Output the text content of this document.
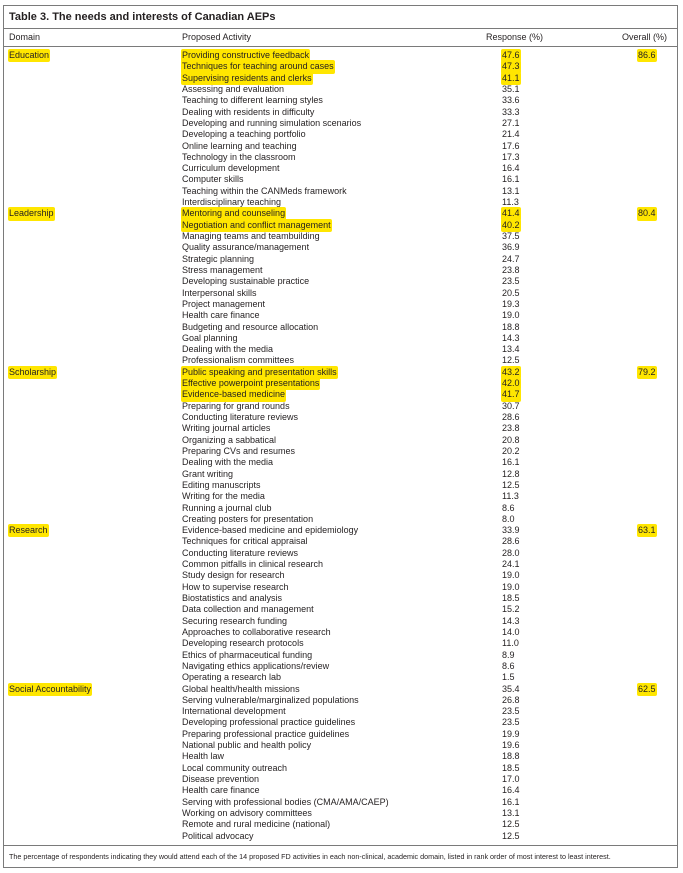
Table 3. The needs and interests of Canadian AEPs
Domain	Proposed Activity	Response (%)	Overall (%)
Education	Providing constructive feedback	47.6	86.6
Techniques for teaching around cases	47.3
Supervising residents and clerks	41.1
Assessing and evaluation	35.1
Teaching to different learning styles	33.6
Dealing with residents in difficulty	33.3
Developing and running simulation scenarios	27.1
Developing a teaching portfolio	21.4
Online learning and teaching	17.6
Technology in the classroom	17.3
Curriculum development	16.4
Computer skills	16.1
Teaching within the CANMeds framework	13.1
Interdisciplinary teaching	11.3
Leadership	Mentoring and counseling	41.4	80.4
Negotiation and conflict management	40.2
Managing teams and teambuilding	37.5
Quality assurance/management	36.9
Strategic planning	24.7
Stress management	23.8
Developing sustainable practice	23.5
Interpersonal skills	20.5
Project management	19.3
Health care finance	19.0
Budgeting and resource allocation	18.8
Goal planning	14.3
Dealing with the media	13.4
Professionalism committees	12.5
Scholarship	Public speaking and presentation skills	43.2	79.2
Effective powerpoint presentations	42.0
Evidence-based medicine	41.7
Preparing for grand rounds	30.7
Conducting literature reviews	28.6
Writing journal articles	23.8
Organizing a sabbatical	20.8
Preparing CVs and resumes	20.2
Dealing with the media	16.1
Grant writing	12.8
Editing manuscripts	12.5
Writing for the media	11.3
Running a journal club	8.6
Creating posters for presentation	8.0
Research	Evidence-based medicine and epidemiology	33.9	63.1
Techniques for critical appraisal	28.6
Conducting literature reviews	28.0
Common pitfalls in clinical research	24.1
Study design for research	19.0
How to supervise research	19.0
Biostatistics and analysis	18.5
Data collection and management	15.2
Securing research funding	14.3
Approaches to collaborative research	14.0
Developing research protocols	11.0
Ethics of pharmaceutical funding	8.9
Navigating ethics applications/review	8.6
Operating a research lab	1.5
Social Accountability	Global health/health missions	35.4	62.5
Serving vulnerable/marginalized populations	26.8
International development	23.5
Developing professional practice guidelines	23.5
Preparing professional practice guidelines	19.9
National public and health policy	19.6
Health law	18.8
Local community outreach	18.5
Disease prevention	17.0
Health care finance	16.4
Serving with professional bodies (CMA/AMA/CAEP)	16.1
Working on advisory committees	13.1
Remote and rural medicine (national)	12.5
Political advocacy	12.5
The percentage of respondents indicating they would attend each of the 14 proposed FD activities in each non-clinical, academic domain, listed in rank order of most interest to least interest.
